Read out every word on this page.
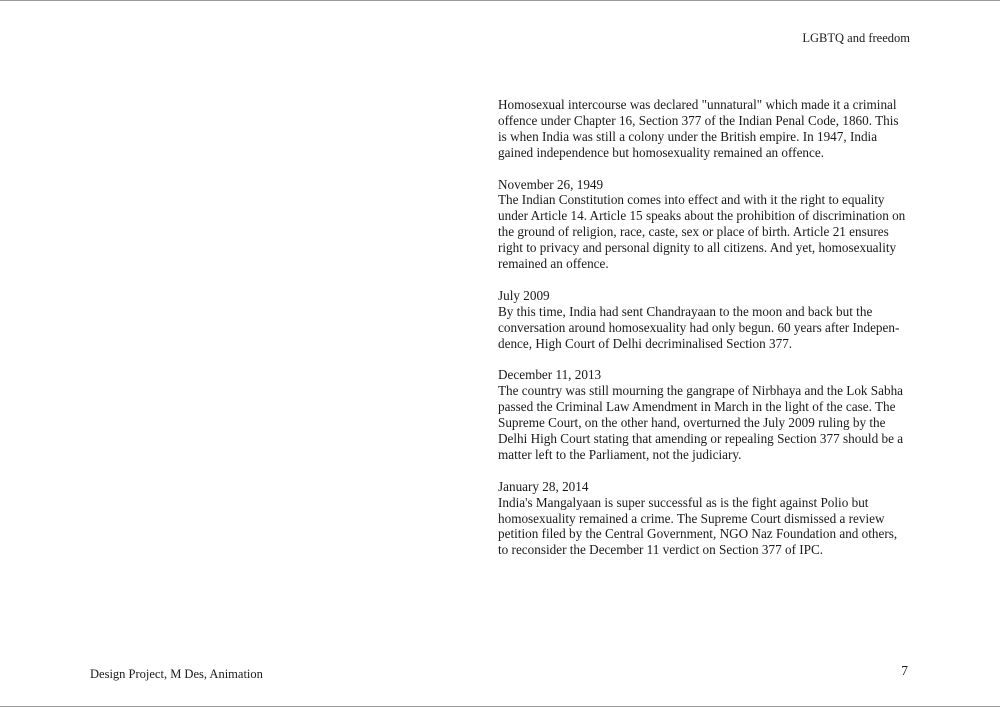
LGBTQ and freedom
Homosexual intercourse was declared "unnatural" which made it a criminal
offence under Chapter 16, Section 377 of the Indian Penal Code, 1860. This
is when India was still a colony under the British empire. In 1947, India
gained independence but homosexuality remained an offence.
November 26, 1949
The Indian Constitution comes into effect and with it the right to equality
under Article 14. Article 15 speaks about the prohibition of discrimination on
the ground of religion, race, caste, sex or place of birth. Article 21 ensures
right to privacy and personal dignity to all citizens. And yet, homosexuality
remained an offence.
July 2009
By this time, India had sent Chandrayaan to the moon and back but the
conversation around homosexuality had only begun. 60 years after Indepen-
dence, High Court of Delhi decriminalised Section 377.
December 11, 2013
The country was still mourning the gangrape of Nirbhaya and the Lok Sabha
passed the Criminal Law Amendment in March in the light of the case. The
Supreme Court, on the other hand, overturned the July 2009 ruling by the
Delhi High Court stating that amending or repealing Section 377 should be a
matter left to the Parliament, not the judiciary.
January 28, 2014
India's Mangalyaan is super successful as is the fight against Polio but
homosexuality remained a crime. The Supreme Court dismissed a review
petition filed by the Central Government, NGO Naz Foundation and others,
to reconsider the December 11 verdict on Section 377 of IPC.
Design Project, M Des, Animation	7
